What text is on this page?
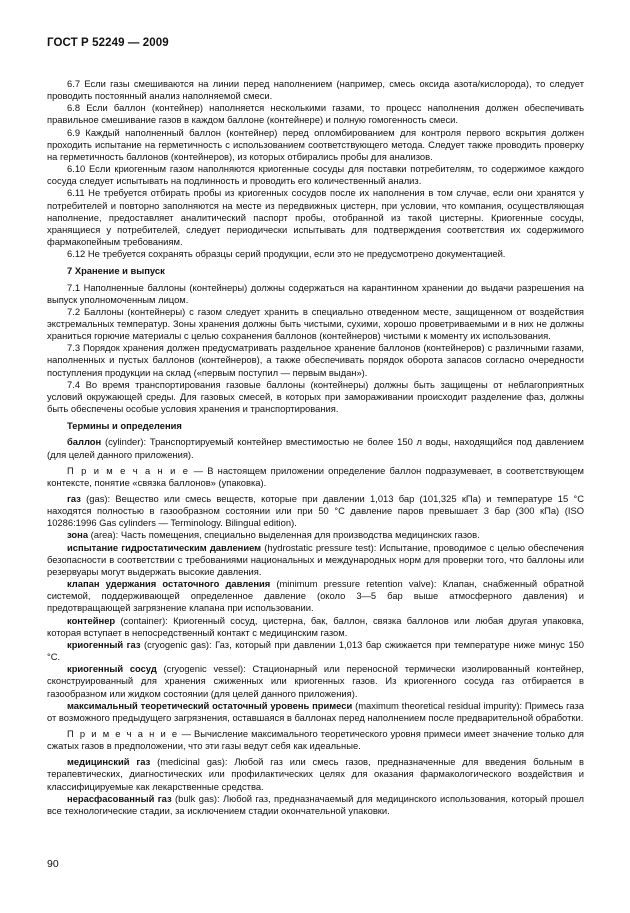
ГОСТ Р 52249 — 2009

6.7 Если газы смешиваются на линии перед наполнением (например, смесь оксида азота/кислорода), то следует проводить постоянный анализ наполняемой смеси.

6.8 Если баллон (контейнер) наполняется несколькими газами, то процесс наполнения должен обеспечивать правильное смешивание газов в каждом баллоне (контейнере) и полную гомогенность смеси.

6.9 Каждый наполненный баллон (контейнер) перед опломбированием для контроля первого вскрытия должен проходить испытание на герметичность с использованием соответствующего метода. Следует также проводить проверку на герметичность баллонов (контейнеров), из которых отбирались пробы для анализов.

6.10 Если криогенным газом наполняются криогенные сосуды для поставки потребителям, то содержимое каждого сосуда следует испытывать на подлинность и проводить его количественный анализ.

6.11 Не требуется отбирать пробы из криогенных сосудов после их наполнения в том случае, если они хранятся у потребителей и повторно заполняются на месте из передвижных цистерн, при условии, что компания, осуществляющая наполнение, предоставляет аналитический паспорт пробы, отобранной из такой цистерны. Криогенные сосуды, хранящиеся у потребителей, следует периодически испытывать для подтверждения соответствия их содержимого фармакопейным требованиям.

6.12 Не требуется сохранять образцы серий продукции, если это не предусмотрено документацией.

7 Хранение и выпуск

7.1 Наполненные баллоны (контейнеры) должны содержаться на карантинном хранении до выдачи разрешения на выпуск уполномоченным лицом.

7.2 Баллоны (контейнеры) с газом следует хранить в специально отведенном месте, защищенном от воздействия экстремальных температур. Зоны хранения должны быть чистыми, сухими, хорошо проветриваемыми и в них не должны храниться горючие материалы с целью сохранения баллонов (контейнеров) чистыми к моменту их использования.

7.3 Порядок хранения должен предусматривать раздельное хранение баллонов (контейнеров) с различными газами, наполненных и пустых баллонов (контейнеров), а также обеспечивать порядок оборота запасов согласно очередности поступления продукции на склад («первым поступил — первым выдан»).

7.4 Во время транспортирования газовые баллоны (контейнеры) должны быть защищены от неблагоприятных условий окружающей среды. Для газовых смесей, в которых при замораживании происходит разделение фаз, должны быть обеспечены особые условия хранения и транспортирования.

Термины и определения

баллон (cylinder): Транспортируемый контейнер вместимостью не более 150 л воды, находящийся под давлением (для целей данного приложения).

П р и м е ч а н и е — В настоящем приложении определение баллон подразумевает, в соответствующем контексте, понятие «связка баллонов» (упаковка).

газ (gas): Вещество или смесь веществ, которые при давлении 1,013 бар (101,325 кПа) и температуре 15 °C находятся полностью в газообразном состоянии или при 50 °C давление паров превышает 3 бар (300 кПа) (ISO 10286:1996 Gas cylinders — Terminology. Bilingual edition).

зона (area): Часть помещения, специально выделенная для производства медицинских газов.

испытание гидростатическим давлением (hydrostatic pressure test): Испытание, проводимое с целью обеспечения безопасности в соответствии с требованиями национальных и международных норм для проверки того, что баллоны или резервуары могут выдержать высокие давления.

клапан удержания остаточного давления (minimum pressure retention valve): Клапан, снабженный обратной системой, поддерживающей определенное давление (около 3—5 бар выше атмосферного давления) и предотвращающей загрязнение клапана при использовании.

контейнер (container): Криогенный сосуд, цистерна, бак, баллон, связка баллонов или любая другая упаковка, которая вступает в непосредственный контакт с медицинским газом.

криогенный газ (cryogenic gas): Газ, который при давлении 1,013 бар сжижается при температуре ниже минус 150 °C.

криогенный сосуд (cryogenic vessel): Стационарный или переносной термически изолированный контейнер, сконструированный для хранения сжиженных или криогенных газов. Из криогенного сосуда газ отбирается в газообразном или жидком состоянии (для целей данного приложения).

максимальный теоретический остаточный уровень примеси (maximum theoretical residual impurity): Примесь газа от возможного предыдущего загрязнения, оставшаяся в баллонах перед наполнением после предварительной обработки.

П р и м е ч а н и е — Вычисление максимального теоретического уровня примеси имеет значение только для сжатых газов в предположении, что эти газы ведут себя как идеальные.

медицинский газ (medicinal gas): Любой газ или смесь газов, предназначенные для введения больным в терапевтических, диагностических или профилактических целях для оказания фармакологического воздействия и классифицируемые как лекарственные средства.

нерасфасованный газ (bulk gas): Любой газ, предназначаемый для медицинского использования, который прошел все технологические стадии, за исключением стадии окончательной упаковки.

90
